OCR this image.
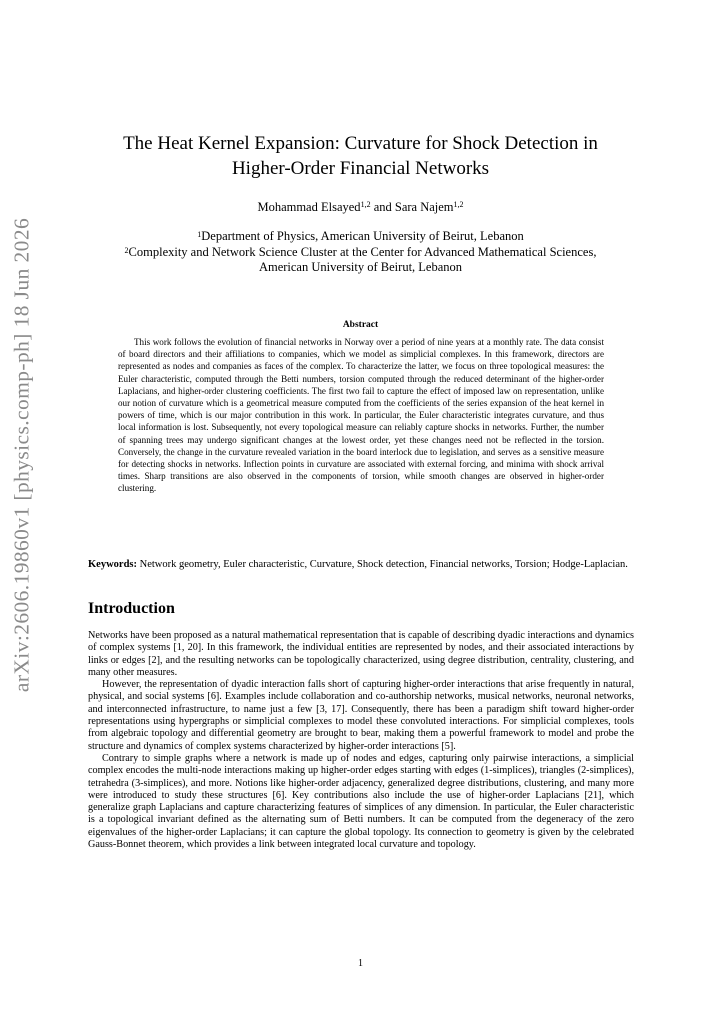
arXiv:2606.19860v1 [physics.comp-ph] 18 Jun 2026
The Heat Kernel Expansion: Curvature for Shock Detection in
Higher-Order Financial Networks
Mohammad Elsayed$^{1,2}$ and Sara Najem$^{1,2}$
$^1$Department of Physics, American University of Beirut, Lebanon
$^2$Complexity and Network Science Cluster at the Center for Advanced Mathematical Sciences,
American University of Beirut, Lebanon
Abstract

This work follows the evolution of financial networks in Norway over a period of nine years at a monthly rate. The data consist of board directors and their affiliations to companies, which we model as simplicial complexes. In this framework, directors are represented as nodes and companies as faces of the complex. To characterize the latter, we focus on three topological measures: the Euler characteristic, computed through the Betti numbers, torsion computed through the reduced determinant of the higher-order Laplacians, and higher-order clustering coefficients. The first two fail to capture the effect of imposed law on representation, unlike our notion of curvature which is a geometrical measure computed from the coefficients of the series expansion of the heat kernel in powers of time, which is our major contribution in this work. In particular, the Euler characteristic integrates curvature, and thus local information is lost. Subsequently, not every topological measure can reliably capture shocks in networks. Further, the number of spanning trees may undergo significant changes at the lowest order, yet these changes need not be reflected in the torsion. Conversely, the change in the curvature revealed variation in the board interlock due to legislation, and serves as a sensitive measure for detecting shocks in networks. Inflection points in curvature are associated with external forcing, and minima with shock arrival times. Sharp transitions are also observed in the components of torsion, while smooth changes are observed in higher-order clustering.

Keywords: Network geometry, Euler characteristic, Curvature, Shock detection, Financial networks, Torsion; Hodge-Laplacian.

Introduction

Networks have been proposed as a natural mathematical representation that is capable of describing dyadic interactions and dynamics of complex systems [1, 20]. In this framework, the individual entities are represented by nodes, and their associated interactions by links or edges [2], and the resulting networks can be topologically characterized, using degree distribution, centrality, clustering, and many other measures.

However, the representation of dyadic interaction falls short of capturing higher-order interactions that arise frequently in natural, physical, and social systems [6]. Examples include collaboration and co-authorship networks, musical networks, neuronal networks, and interconnected infrastructure, to name just a few [3, 17]. Consequently, there has been a paradigm shift toward higher-order representations using hypergraphs or simplicial complexes to model these convoluted interactions. For simplicial complexes, tools from algebraic topology and differential geometry are brought to bear, making them a powerful framework to model and probe the structure and dynamics of complex systems characterized by higher-order interactions [5].

Contrary to simple graphs where a network is made up of nodes and edges, capturing only pairwise interactions, a simplicial complex encodes the multi-node interactions making up higher-order edges starting with edges (1-simplices), triangles (2-simplices), tetrahedra (3-simplices), and more. Notions like higher-order adjacency, generalized degree distributions, clustering, and many more were introduced to study these structures [6]. Key contributions also include the use of higher-order Laplacians [21], which generalize graph Laplacians and capture characterizing features of simplices of any dimension. In particular, the Euler characteristic is a topological invariant defined as the alternating sum of Betti numbers. It can be computed from the degeneracy of the zero eigenvalues of the higher-order Laplacians; it can capture the global topology. Its connection to geometry is given by the celebrated Gauss-Bonnet theorem, which provides a link between integrated local curvature and topology.

1
